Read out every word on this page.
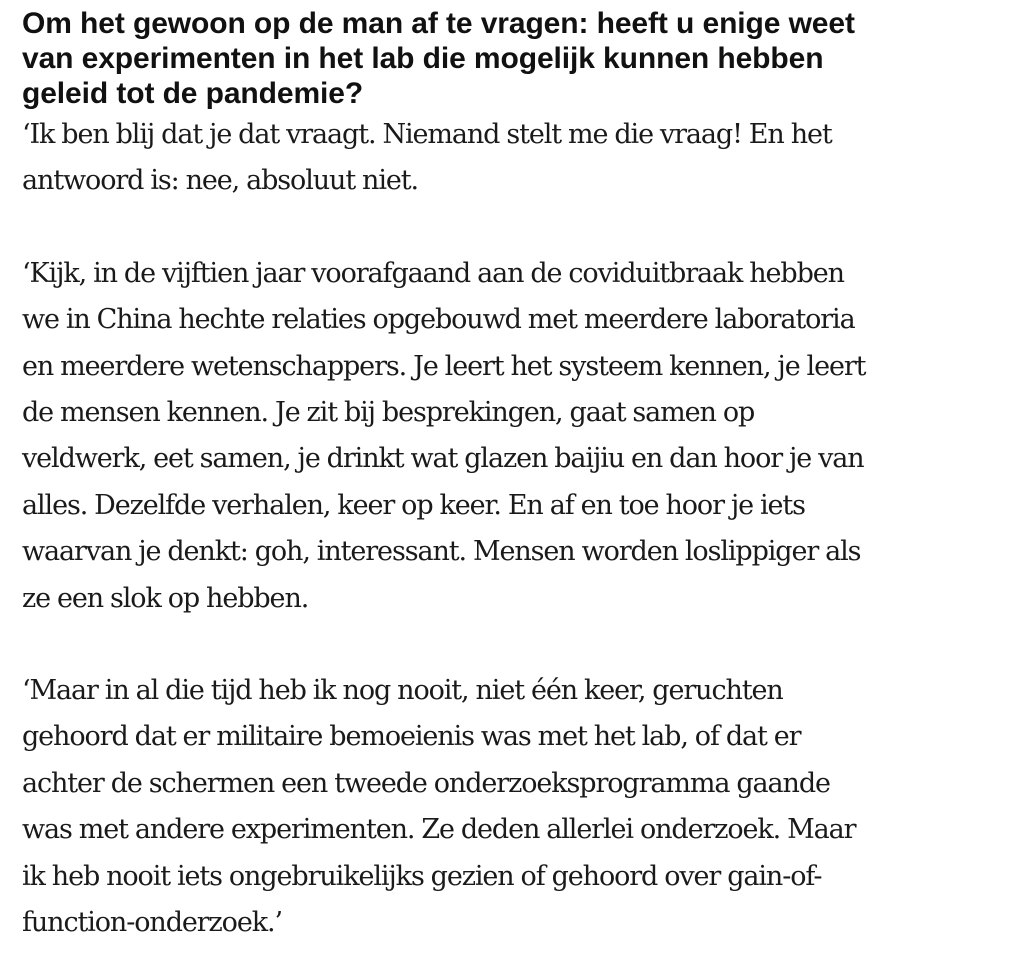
Om het gewoon op de man af te vragen: heeft u enige weet
van experimenten in het lab die mogelijk kunnen hebben
geleid tot de pandemie?

‘Ik ben blij dat je dat vraagt. Niemand stelt me die vraag! En het
antwoord is: nee, absoluut niet.

‘Kijk, in de vijftien jaar voorafgaand aan de coviduitbraak hebben
we in China hechte relaties opgebouwd met meerdere laboratoria
en meerdere wetenschappers. Je leert het systeem kennen, je leert
de mensen kennen. Je zit bij besprekingen, gaat samen op
veldwerk, eet samen, je drinkt wat glazen baijiu en dan hoor je van
alles. Dezelfde verhalen, keer op keer. En af en toe hoor je iets
waarvan je denkt: goh, interessant. Mensen worden loslippiger als
ze een slok op hebben.

‘Maar in al die tijd heb ik nog nooit, niet één keer, geruchten
gehoord dat er militaire bemoeienis was met het lab, of dat er
achter de schermen een tweede onderzoeksprogramma gaande
was met andere experimenten. Ze deden allerlei onderzoek. Maar
ik heb nooit iets ongebruikelijks gezien of gehoord over gain-of-
function-onderzoek.’
